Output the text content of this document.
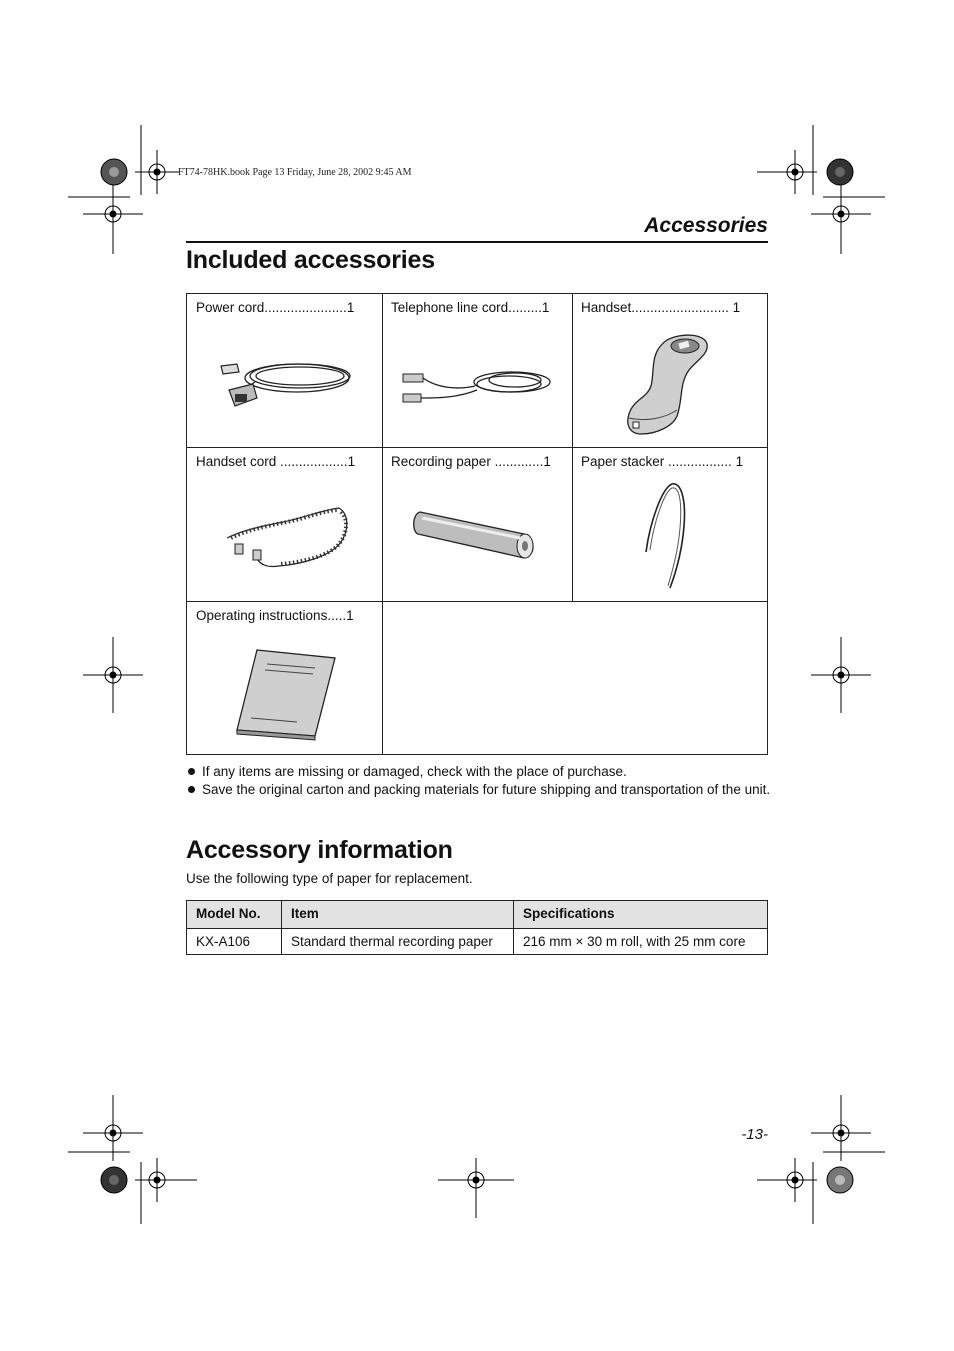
FT74-78HK.book Page 13 Friday, June 28, 2002 9:45 AM
Accessories
Included accessories
Power cord......................1	Telephone line cord.........1 Handset.......................... 1
Handset cord ..................1	Recording paper .............1 Paper stacker ................. 1
Operating instructions.....1
If any items are missing or damaged, check with the place of purchase.
Save the original carton and packing materials for future shipping and transportation of the unit.
Accessory information
Use the following type of paper for replacement.
Model No.	Item	Specifications
KX-A106	Standard thermal recording paper	216 mm × 30 m roll, with 25 mm core
-13-
